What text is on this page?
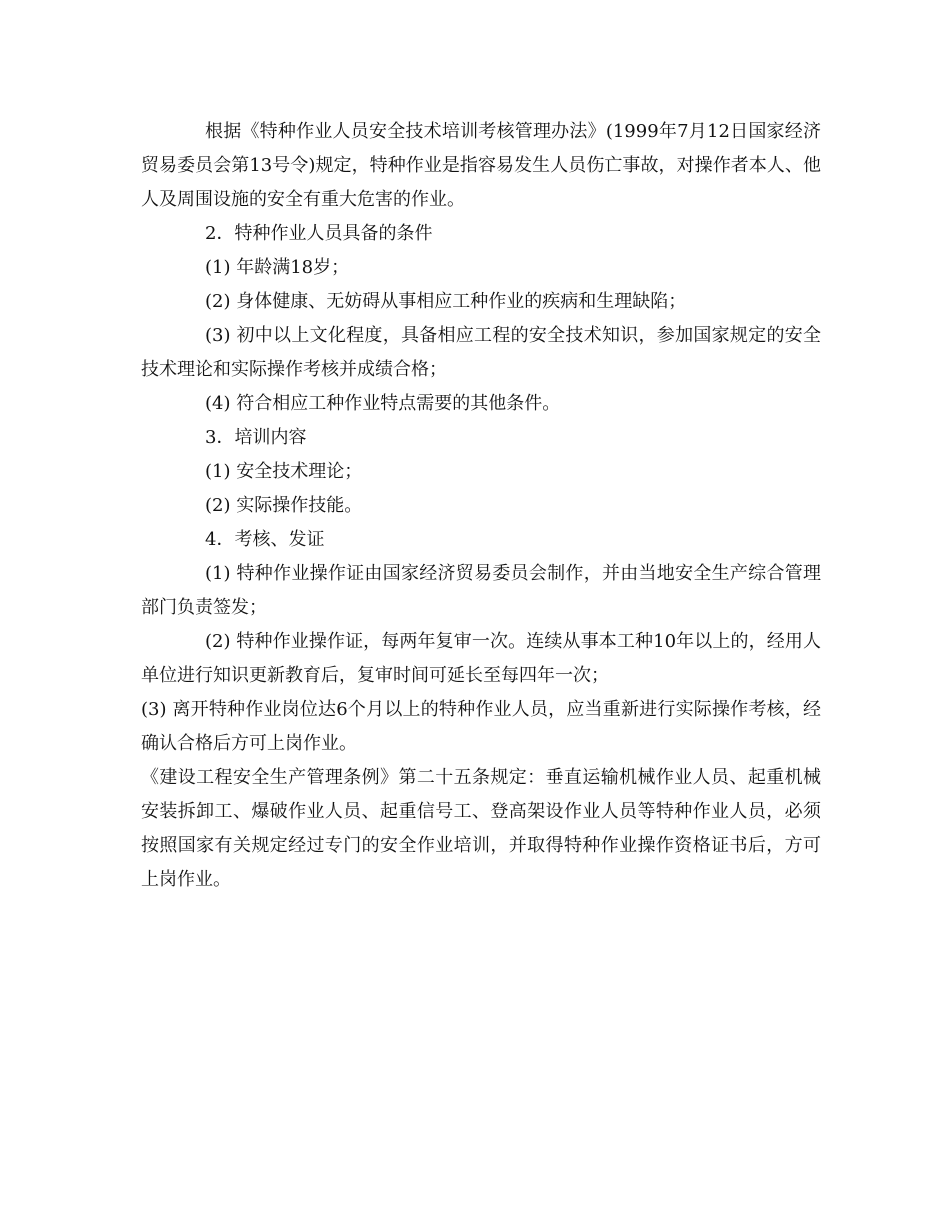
根据《特种作业人员安全技术培训考核管理办法》(1999年7月12日国家经济贸易委员会第13号令)规定，特种作业是指容易发生人员伤亡事故，对操作者本人、他人及周围设施的安全有重大危害的作业。

2．特种作业人员具备的条件

(1) 年龄满18岁；

(2) 身体健康、无妨碍从事相应工种作业的疾病和生理缺陷；

(3) 初中以上文化程度，具备相应工程的安全技术知识，参加国家规定的安全技术理论和实际操作考核并成绩合格；

(4) 符合相应工种作业特点需要的其他条件。

3．培训内容

(1) 安全技术理论；

(2) 实际操作技能。

4．考核、发证

(1) 特种作业操作证由国家经济贸易委员会制作，并由当地安全生产综合管理部门负责签发；

(2) 特种作业操作证，每两年复审一次。连续从事本工种10年以上的，经用人单位进行知识更新教育后，复审时间可延长至每四年一次；

(3) 离开特种作业岗位达6个月以上的特种作业人员，应当重新进行实际操作考核，经确认合格后方可上岗作业。

《建设工程安全生产管理条例》第二十五条规定：垂直运输机械作业人员、起重机械安装拆卸工、爆破作业人员、起重信号工、登高架设作业人员等特种作业人员，必须按照国家有关规定经过专门的安全作业培训，并取得特种作业操作资格证书后，方可上岗作业。
